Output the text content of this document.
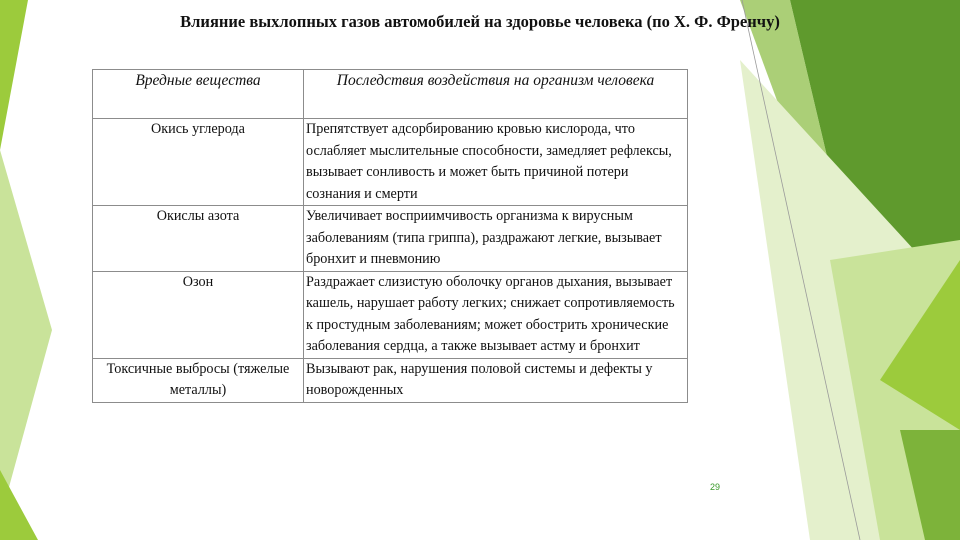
Влияние выхлопных газов автомобилей на здоровье человека (по Х. Ф. Френчу)
Вредные вещества	Последствия воздействия на организм человека
Окись углерода	Препятствует адсорбированию кровью кислорода, что ослабляет мыслительные способности, замедляет рефлексы, вызывает сонливость и может быть причиной потери сознания и смерти
Окислы азота	Увеличивает восприимчивость организма к вирусным заболеваниям (типа гриппа), раздражают легкие, вызывает бронхит и пневмонию
Озон	Раздражает слизистую оболочку органов дыхания, вызывает кашель, нарушает работу легких; снижает сопротивляемость к простудным заболеваниям; может обострить хронические заболевания сердца, а также вызывает астму и бронхит
Токсичные выбросы (тяжелые металлы)	Вызывают рак, нарушения половой системы и дефекты у новорожденных
29
